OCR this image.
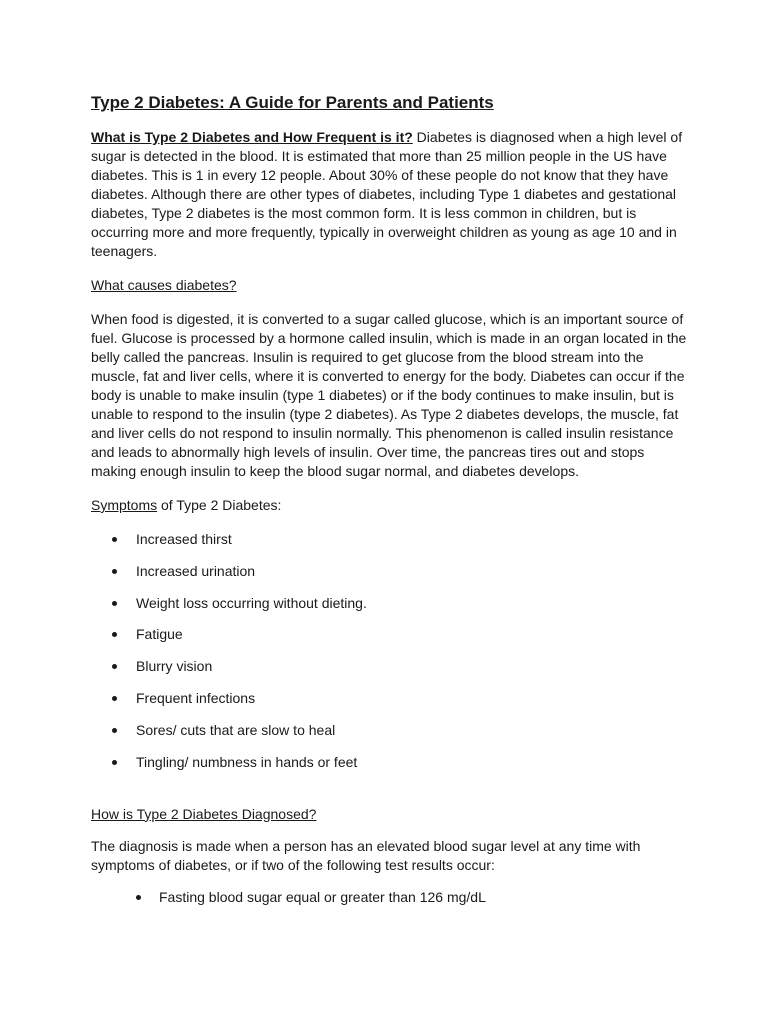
Type 2 Diabetes: A Guide for Parents and Patients

What is Type 2 Diabetes and How Frequent is it? Diabetes is diagnosed when a high level of sugar is detected in the blood. It is estimated that more than 25 million people in the US have diabetes. This is 1 in every 12 people. About 30% of these people do not know that they have diabetes. Although there are other types of diabetes, including Type 1 diabetes and gestational diabetes, Type 2 diabetes is the most common form. It is less common in children, but is occurring more and more frequently, typically in overweight children as young as age 10 and in teenagers.

What causes diabetes?

When food is digested, it is converted to a sugar called glucose, which is an important source of fuel. Glucose is processed by a hormone called insulin, which is made in an organ located in the belly called the pancreas. Insulin is required to get glucose from the blood stream into the muscle, fat and liver cells, where it is converted to energy for the body. Diabetes can occur if the body is unable to make insulin (type 1 diabetes) or if the body continues to make insulin, but is unable to respond to the insulin (type 2 diabetes). As Type 2 diabetes develops, the muscle, fat and liver cells do not respond to insulin normally. This phenomenon is called insulin resistance and leads to abnormally high levels of insulin. Over time, the pancreas tires out and stops making enough insulin to keep the blood sugar normal, and diabetes develops.

Symptoms of Type 2 Diabetes:

Increased thirst
Increased urination
Weight loss occurring without dieting.
Fatigue
Blurry vision
Frequent infections
Sores/ cuts that are slow to heal
Tingling/ numbness in hands or feet

How is Type 2 Diabetes Diagnosed?

The diagnosis is made when a person has an elevated blood sugar level at any time with symptoms of diabetes, or if two of the following test results occur:

Fasting blood sugar equal or greater than 126 mg/dL
